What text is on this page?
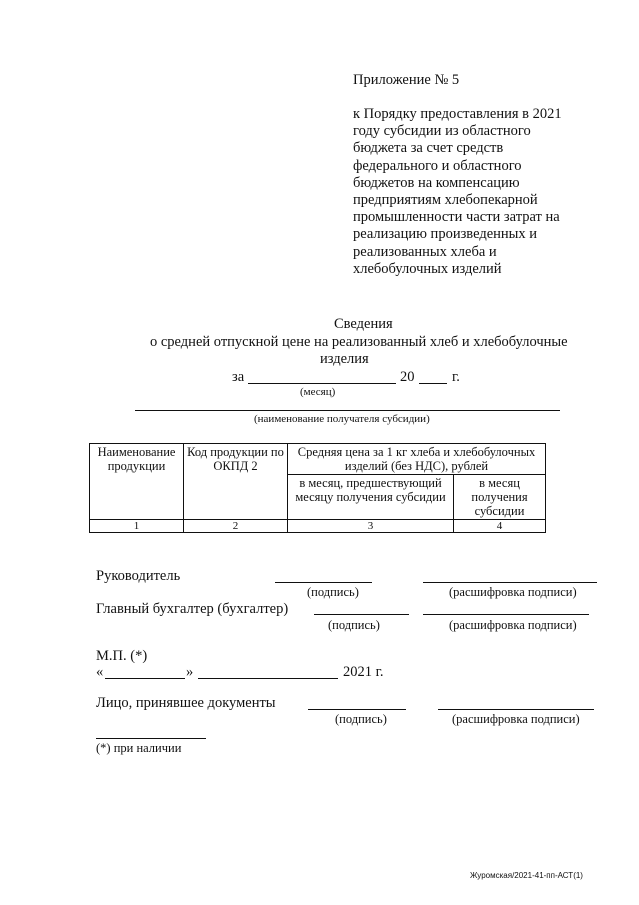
Приложение № 5
к Порядку предоставления в 2021
году субсидии из областного
бюджета за счет средств
федерального и областного
бюджетов на компенсацию
предприятиям хлебопекарной
промышленности части затрат на
реализацию произведенных и
реализованных хлеба и
хлебобулочных изделий
Сведения
о средней отпускной цене на реализованный хлеб и хлебобулочные
изделия
за	20	г.
(месяц)
(наименование получателя субсидии)
Наименование продукции	Код продукции по ОКПД 2	Средняя цена за 1 кг хлеба и хлебобулочных изделий (без НДС), рублей	
		в месяц, предшествующий месяцу получения субсидии	в месяц получения субсидии
1	2	3	4
Руководитель
(подпись)	(расшифровка подписи)
Главный бухгалтер (бухгалтер)
(подпись)	(расшифровка подписи)
М.П. (*)
«	»	2021 г.
Лицо, принявшее документы
(подпись)	(расшифровка подписи)
(*) при наличии
Журомская/2021-41-пп-АСТ(1)
